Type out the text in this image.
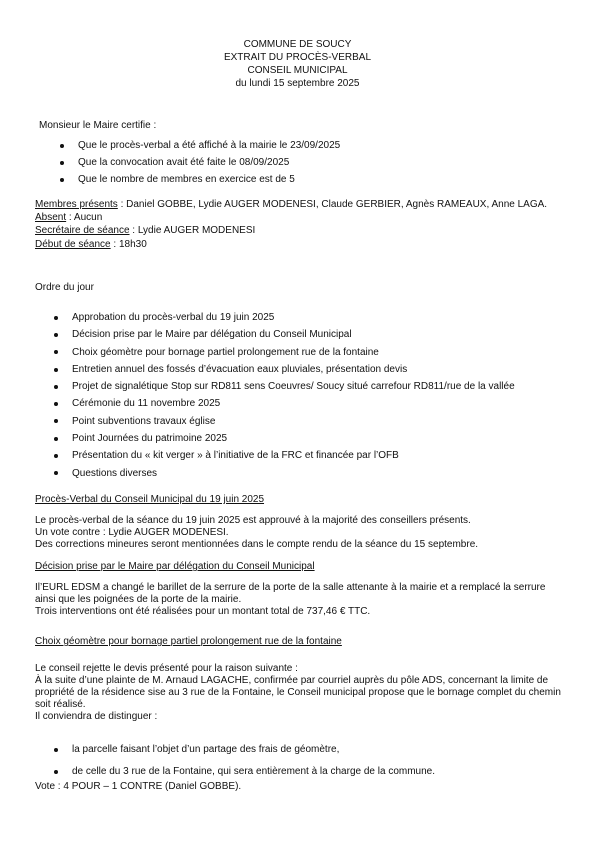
COMMUNE DE SOUCY
EXTRAIT DU PROCÈS-VERBAL
CONSEIL MUNICIPAL
du lundi 15 septembre 2025
Monsieur le Maire certifie :
Que le procès-verbal a été affiché à la mairie le 23/09/2025
Que la convocation avait été faite le 08/09/2025
Que le nombre de membres en exercice est de 5
Membres présents : Daniel GOBBE, Lydie AUGER MODENESI, Claude GERBIER, Agnès RAMEAUX, Anne LAGA.
Absent : Aucun
Secrétaire de séance : Lydie AUGER MODENESI
Début de séance : 18h30
Ordre du jour
Approbation du procès-verbal du 19 juin 2025
Décision prise par le Maire par délégation du Conseil Municipal
Choix géomètre pour bornage partiel prolongement rue de la fontaine
Entretien annuel des fossés d’évacuation eaux pluviales, présentation devis
Projet de signalétique Stop sur RD811 sens Coeuvres/ Soucy situé carrefour RD811/rue de la vallée
Cérémonie du 11 novembre 2025
Point subventions travaux église
Point Journées du patrimoine 2025
Présentation du « kit verger » à l’initiative de la FRC et financée par l’OFB
Questions diverses
Procès-Verbal du Conseil Municipal du 19 juin 2025
Le procès-verbal de la séance du 19 juin 2025 est approuvé à la majorité des conseillers présents.
Un vote contre : Lydie AUGER MODENESI.
Des corrections mineures seront mentionnées dans le compte rendu de la séance du 15 septembre.
Décision prise par le Maire par délégation du Conseil Municipal
Il’EURL EDSM a changé le barillet de la serrure de la porte de la salle attenante à la mairie et a remplacé la serrure
ainsi que les poignées de la porte de la mairie.
Trois interventions ont été réalisées pour un montant total de 737,46 € TTC.
Choix géomètre pour bornage partiel prolongement rue de la fontaine
Le conseil rejette le devis présenté pour la raison suivante :
À la suite d’une plainte de M. Arnaud LAGACHE, confirmée par courriel auprès du pôle ADS, concernant la limite de
propriété de la résidence sise au 3 rue de la Fontaine, le Conseil municipal propose que le bornage complet du chemin
soit réalisé.
Il conviendra de distinguer :
la parcelle faisant l’objet d’un partage des frais de géomètre,
de celle du 3 rue de la Fontaine, qui sera entièrement à la charge de la commune.
Vote : 4 POUR – 1 CONTRE (Daniel GOBBE).
